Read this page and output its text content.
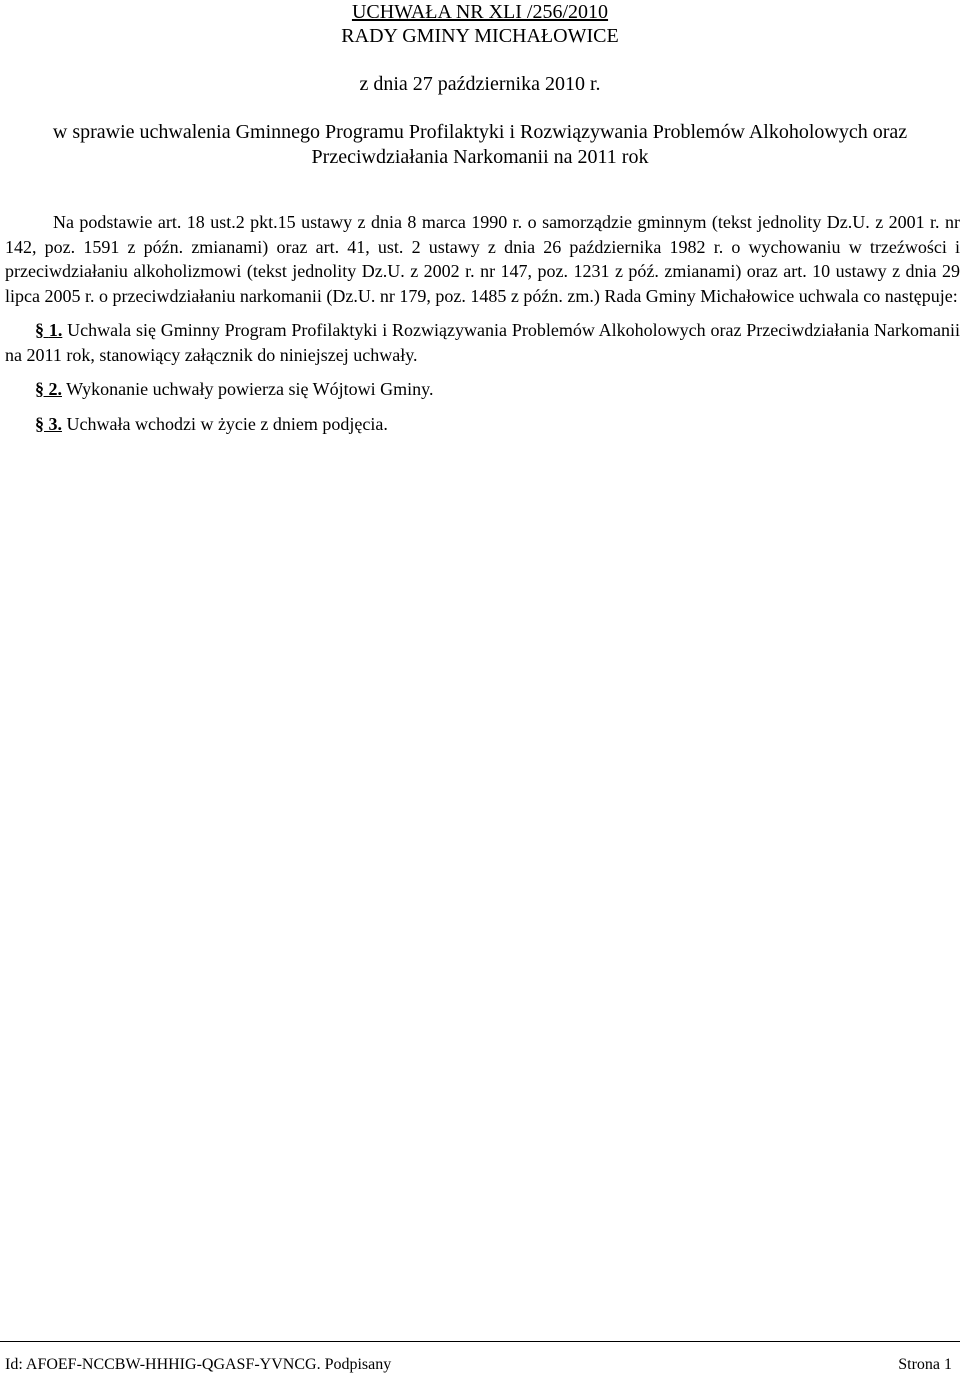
UCHWAŁA NR XLI /256/2010

RADY GMINY MICHAŁOWICE

z dnia 27 października 2010 r.
w sprawie uchwalenia Gminnego Programu Profilaktyki i Rozwiązywania Problemów Alkoholowych oraz
Przeciwdziałania Narkomanii na 2011 rok

Na podstawie art. 18 ust.2 pkt.15 ustawy z dnia 8 marca 1990 r. o samorządzie gminnym (tekst jednolity Dz.U. z 2001 r. nr 142, poz. 1591 z późn. zmianami) oraz art. 41, ust. 2 ustawy z dnia 26 października 1982 r. o wychowaniu w trzeźwości i przeciwdziałaniu alkoholizmowi (tekst jednolity Dz.U. z 2002 r. nr 147, poz. 1231 z póź. zmianami) oraz art. 10 ustawy z dnia 29 lipca 2005 r. o przeciwdziałaniu narkomanii (Dz.U. nr 179, poz. 1485 z późn. zm.) Rada Gminy Michałowice uchwala co następuje:

§ 1. Uchwala się Gminny Program Profilaktyki i Rozwiązywania Problemów Alkoholowych oraz Przeciwdziałania Narkomanii na 2011 rok, stanowiący załącznik do niniejszej uchwały.

§ 2. Wykonanie uchwały powierza się Wójtowi Gminy.

§ 3. Uchwała wchodzi w życie z dniem podjęcia.

Id: AFOEF-NCCBW-HHHIG-QGASF-YVNCG. Podpisany	Strona 1
